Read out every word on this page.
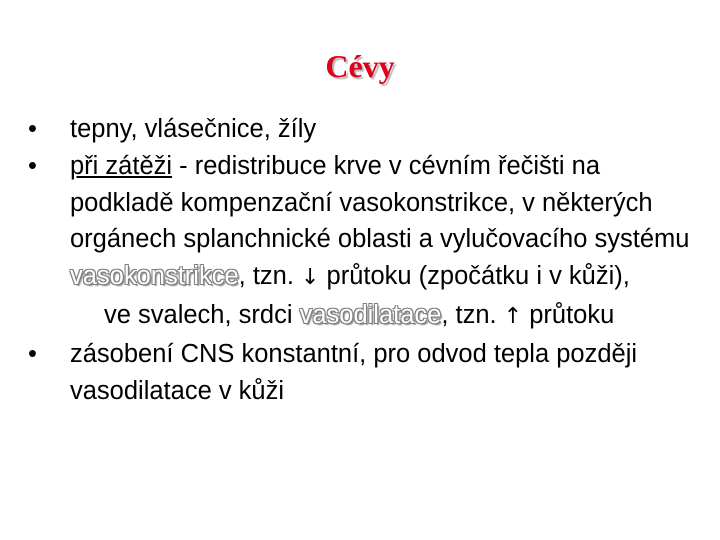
Cévy
•	tepny, vlásečnice, žíly
•	při zátěži - redistribuce krve v cévním řečišti na podkladě kompenzační vasokonstrikce, v některých orgánech splanchnické oblasti a vylučovacího systému vasokonstrikce, tzn. ↓ průtoku (zpočátku i v kůži),
ve svalech, srdci vasodilatace, tzn. ↑ průtoku
•	zásobení CNS konstantní, pro odvod tepla později vasodilatace v kůži
